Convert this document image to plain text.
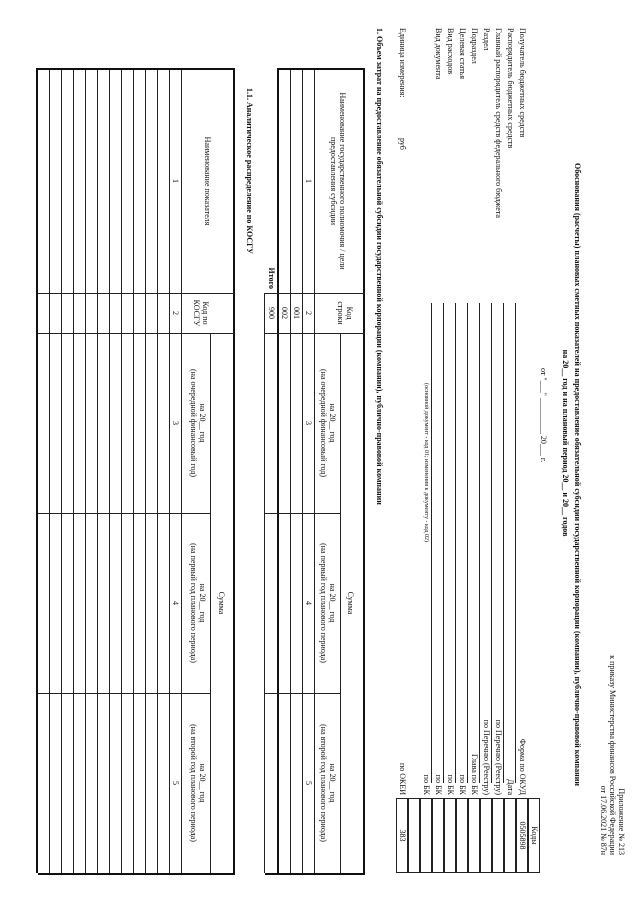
Приложение № 213
к приказу Министерства финансов Российской Федерации
от 17.06.2021 № 87н
Обоснования (расчеты) плановых сметных показателей на предоставление обязательной субсидии государственной корпорации (компании), публично-правовой компании
на 20__ год и на плановый период 20__ и 20__ годов
от "___" _________ 20___ г.
Коды
0505898
383
Форма по ОКУД
Дата
по Перечню (Реестру)
по Перечню (Реестру)
Глава по БК
по БК
по БК
по БК
по БК
по ОКЕИ
Получатель бюджетных средств
Распорядитель бюджетных средств
Главный распорядитель средств федерального бюджета
Раздел
Подраздел
Целевая статья
Вид расходов
Вид документа
(основной документ - код 01; изменения к документу - код 02)
Единица измерения:
руб
1. Объем затрат на предоставление обязательной субсидии государственной корпорации (компании), публично-правовой компании
Наименование государственного полномочия / цели предоставления субсидии
Код строки
Сумма
на 20__ год
(на очередной финансовый год)
на 20__ год
(на первый год планового периода)
на 20__ год
(на второй год планового периода)
1
2
3
4
5
001
002
Итого
900
1.1. Аналитическое распределение по КОСГУ
Наименование показателя
Код по КОСГУ
Сумма
на 20__ год
(на очередной финансовый год)
на 20__ год
(на первый год планового периода)
на 20__ год
(на второй год планового периода)
1
2
3
4
5
